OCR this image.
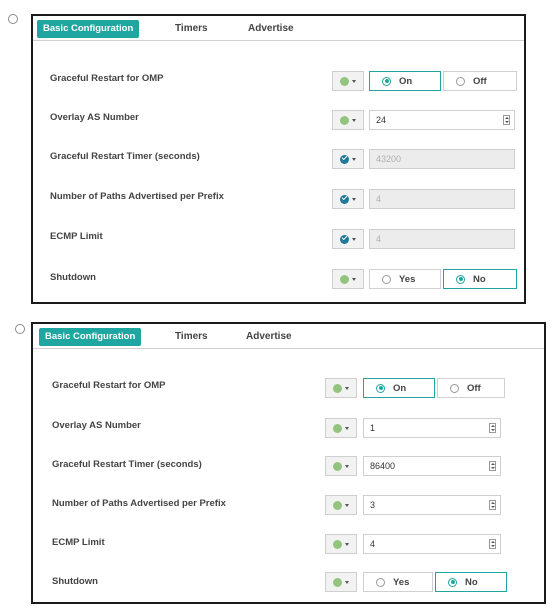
Basic Configuration	Timers	Advertise
Graceful Restart for OMP	On	Off
Overlay AS Number	24
Graceful Restart Timer (seconds)	43200
Number of Paths Advertised per Prefix	4
ECMP Limit	4
Shutdown	Yes	No
Basic Configuration	Timers	Advertise
Graceful Restart for OMP	On	Off
Overlay AS Number	1
Graceful Restart Timer (seconds)	86400
Number of Paths Advertised per Prefix	3
ECMP Limit	4
Shutdown	Yes	No
